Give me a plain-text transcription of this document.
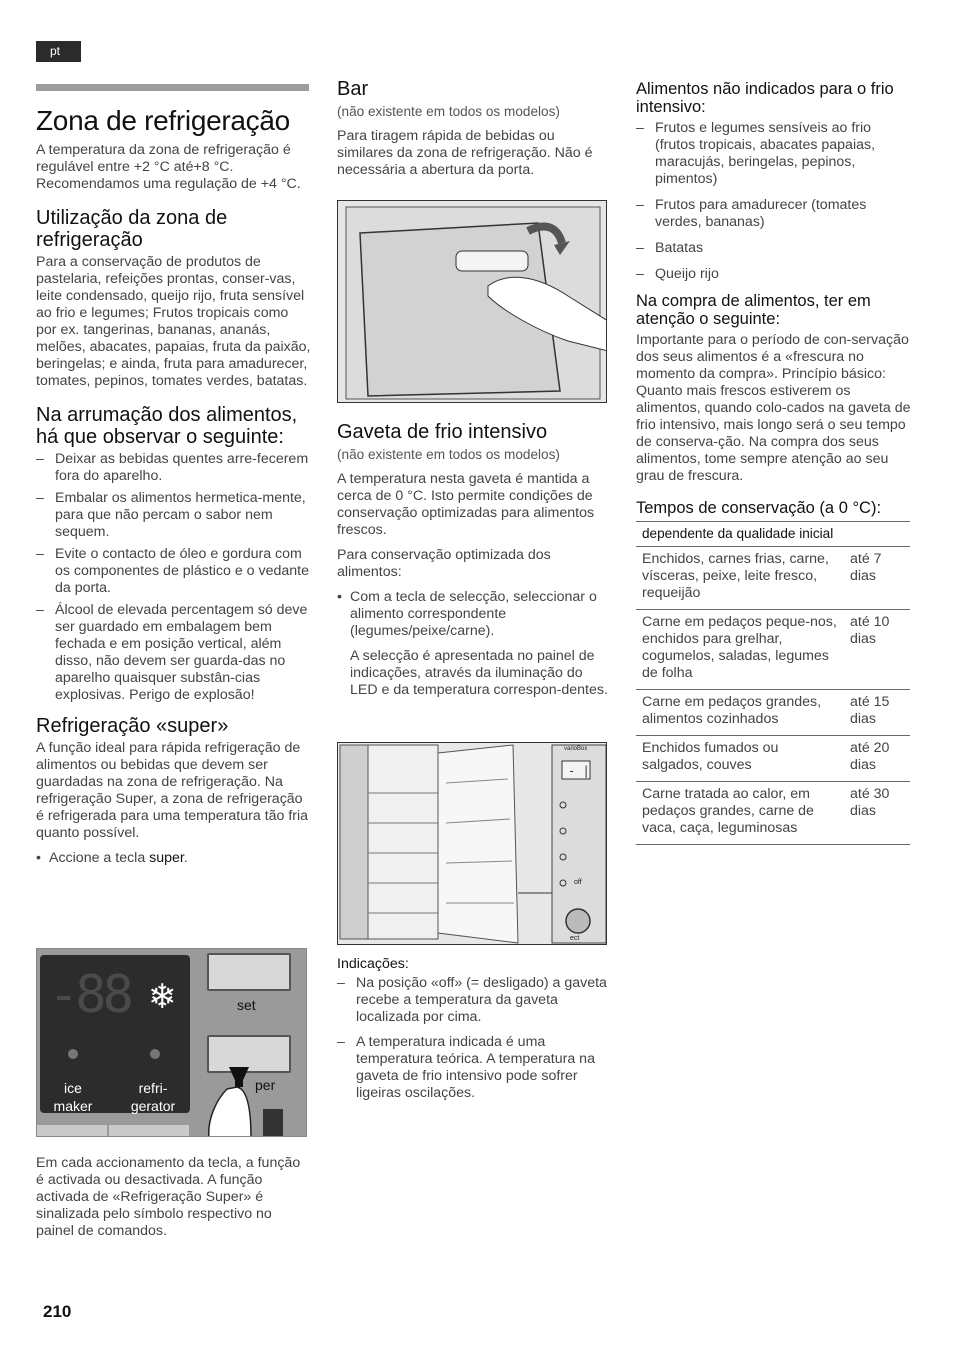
pt
Zona de refrigeração

A temperatura da zona de refrigeração é regulável entre +2 °C até+8 °C. Recomendamos uma regulação de +4 °C.

Utilização da zona de refrigeração

Para a conservação de produtos de pastelaria, refeições prontas, conser-vas, leite condensado, queijo rijo, fruta sensível ao frio e legumes; Frutos tropicais como por ex. tangerinas, bananas, ananás, melões, abacates, papaias, fruta da paixão, beringelas; e ainda, fruta para amadurecer, tomates, pepinos, tomates verdes, batatas.

Na arrumação dos alimentos, há que observar o seguinte:
– Deixar as bebidas quentes arre-fecerem fora do aparelho.
– Embalar os alimentos hermetica-mente, para que não percam o sabor nem sequem.
– Evite o contacto de óleo e gordura com os componentes de plástico e o vedante da porta.
– Álcool de elevada percentagem só deve ser guardado em embalagem bem fechada e em posição vertical, além disso, não devem ser guarda-das no aparelho quaisquer substân-cias explosivas. Perigo de explosão!
Refrigeração «super»

A função ideal para rápida refrigeração de alimentos ou bebidas que devem ser guardadas na zona de refrigeração. Na refrigeração Super, a zona de refrigeração é refrigerada para uma temperatura tão fria quanto possível.

• Accione a tecla super.
-88 ❄
ice
maker
refri-
gerator
set
per

Em cada accionamento da tecla, a função é activada ou desactivada. A função activada de «Refrigeração Super» é sinalizada pelo símbolo respectivo no painel de comandos.

Bar

(não existente em todos os modelos)

Para tiragem rápida de bebidas ou similares da zona de refrigeração. Não é necessária a abertura da porta.

Gaveta de frio intensivo

(não existente em todos os modelos)

A temperatura nesta gaveta é mantida a cerca de 0 °C. Isto permite condições de conservação optimizadas para alimentos frescos.

Para conservação optimizada dos alimentos:

• Com a tecla de selecção, seleccionar o alimento correspondente (legumes/peixe/carne).

A selecção é apresentada no painel de indicações, através da iluminação do LED e da temperatura correspon-dentes.

- |
varioBox
off
ect

Indicações:

– Na posição «off» (= desligado) a gaveta recebe a temperatura da gaveta localizada por cima.
– A temperatura indicada é uma temperatura teórica. A temperatura na gaveta de frio intensivo pode sofrer ligeiras oscilações.
Alimentos não indicados para o frio intensivo:
– Frutos e legumes sensíveis ao frio (frutos tropicais, abacates papaias, maracujás, beringelas, pepinos, pimentos)
– Frutos para amadurecer (tomates verdes, bananas)
– Batatas
– Queijo rijo
Na compra de alimentos, ter em atenção o seguinte:

Importante para o período de con-servação dos seus alimentos é a «frescura no momento da compra». Princípio básico: Quanto mais frescos estiverem os alimentos, quando colo-cados na gaveta de frio intensivo, mais longo será o seu tempo de conserva-ção. Na compra dos seus alimentos, tome sempre atenção ao seu grau de frescura.

Tempos de conservação (a 0 °C):
dependente da qualidade inicial	
Enchidos, carnes frias, carne, vísceras, peixe, leite fresco, requeijão	até 7 dias
Carne em pedaços peque-nos, enchidos para grelhar, cogumelos, saladas, legumes de folha	até 10 dias
Carne em pedaços grandes, alimentos cozinhados	até 15 dias
Enchidos fumados ou salgados, couves	até 20 dias
Carne tratada ao calor, em pedaços grandes, carne de vaca, caça, leguminosas	até 30 dias
210
